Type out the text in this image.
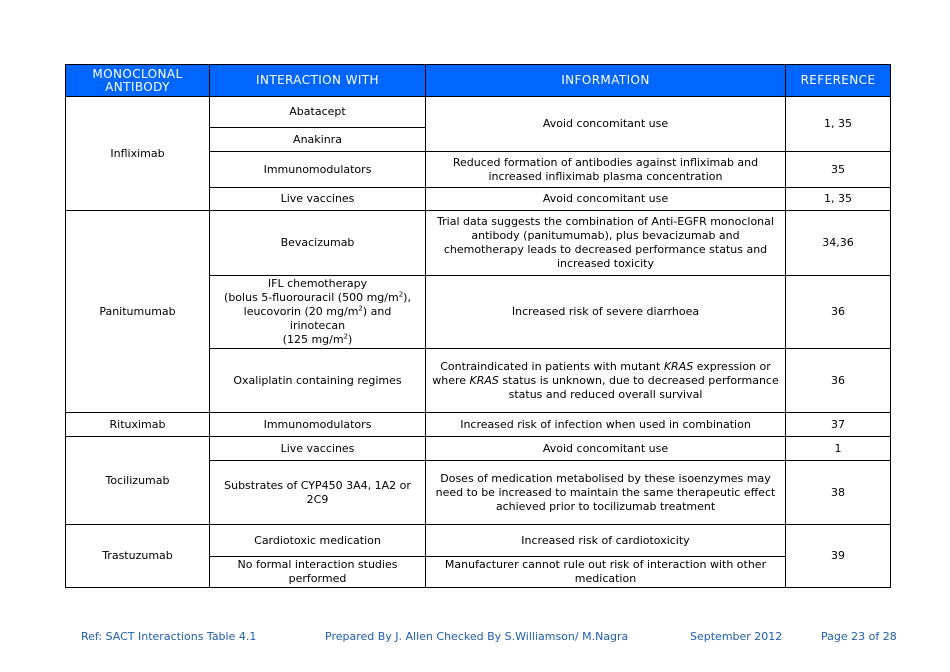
MONOCLONAL ANTIBODY	INTERACTION WITH	INFORMATION	REFERENCE
Infliximab	Abatacept	Avoid concomitant use	1, 35
	Anakinra		
	Immunomodulators	Reduced formation of antibodies against infliximab and increased infliximab plasma concentration	35
	Live vaccines	Avoid concomitant use	1, 35
Panitumumab	Bevacizumab	Trial data suggests the combination of Anti-EGFR monoclonal antibody (panitumumab), plus bevacizumab and chemotherapy leads to decreased performance status and increased toxicity	34,36
	IFL chemotherapy
(bolus 5-fluorouracil (500 $mg/m^2$),
leucovorin (20 $mg/m^2$) and irinotecan
(125 $mg/m^2$)	Increased risk of severe diarrhoea	36
	Oxaliplatin containing regimes	Contraindicated in patients with mutant KRAS expression or where KRAS status is unknown, due to decreased performance status and reduced overall survival	36
Rituximab	Immunomodulators	Increased risk of infection when used in combination	37
Tocilizumab	Live vaccines	Avoid concomitant use	1
	Substrates of CYP450 3A4, 1A2 or 2C9	Doses of medication metabolised by these isoenzymes may need to be increased to maintain the same therapeutic effect achieved prior to tocilizumab treatment	38
Trastuzumab	Cardiotoxic medication	Increased risk of cardiotoxicity	39
	No formal interaction studies performed	Manufacturer cannot rule out risk of interaction with other medication	
Ref: SACT Interactions Table 4.1	Prepared By J. Allen Checked By S.Williamson/ M.Nagra	September 2012	Page 23 of 28
